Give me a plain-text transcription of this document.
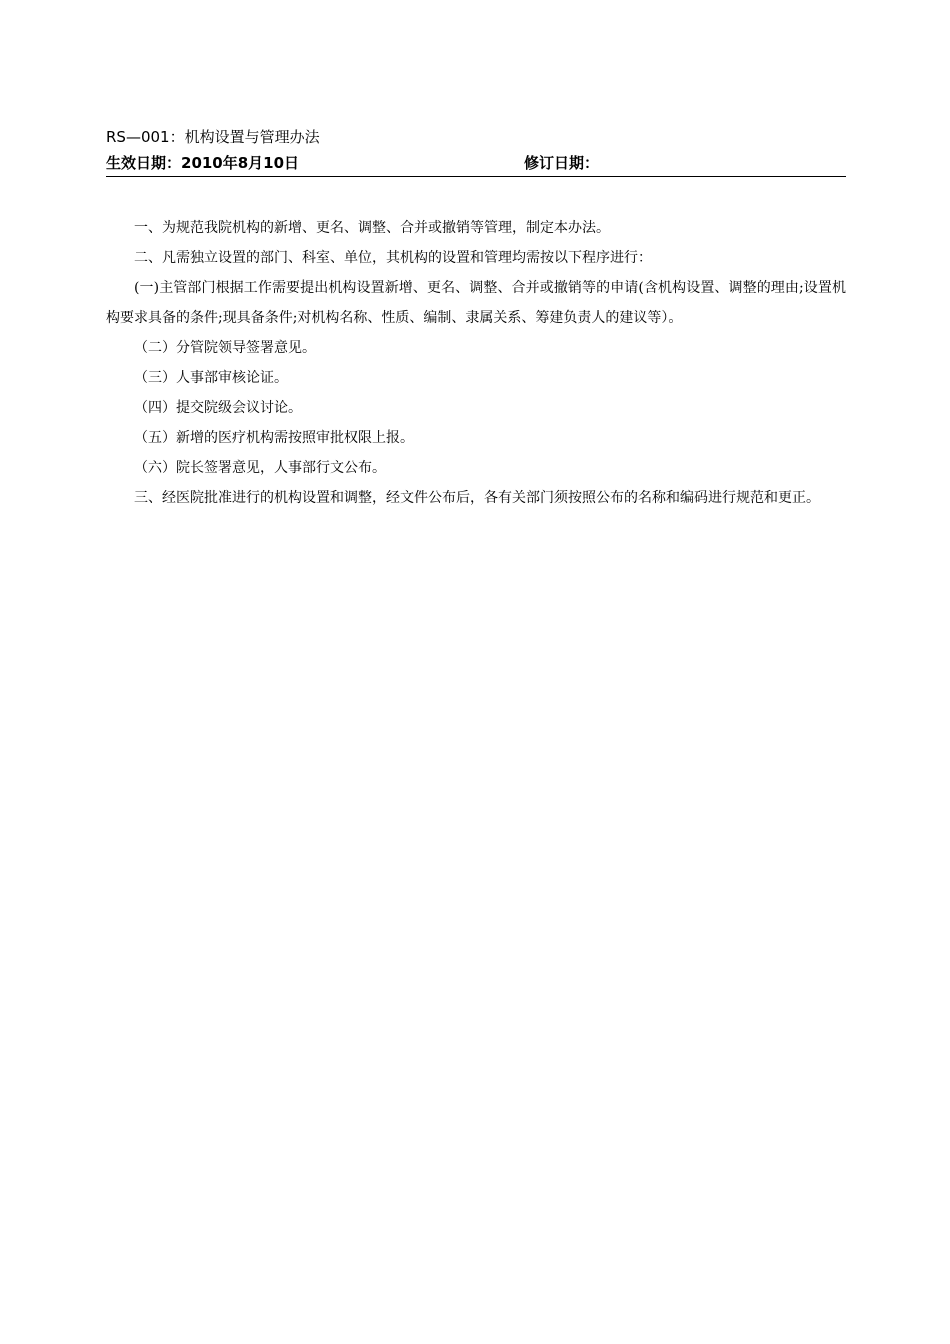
RS—001：机构设置与管理办法
生效日期：2010年8月10日	修订日期：

一、为规范我院机构的新增、更名、调整、合并或撤销等管理，制定本办法。

二、凡需独立设置的部门、科室、单位，其机构的设置和管理均需按以下程序进行：

(一)主管部门根据工作需要提出机构设置新增、更名、调整、合并或撤销等的申请(含机构设置、调整的理由;设置机构要求具备的条件;现具备条件;对机构名称、性质、编制、隶属关系、筹建负责人的建议等）。

（二）分管院领导签署意见。

（三）人事部审核论证。

（四）提交院级会议讨论。

（五）新增的医疗机构需按照审批权限上报。

（六）院长签署意见，人事部行文公布。

三、经医院批准进行的机构设置和调整，经文件公布后，各有关部门须按照公布的名称和编码进行规范和更正。
